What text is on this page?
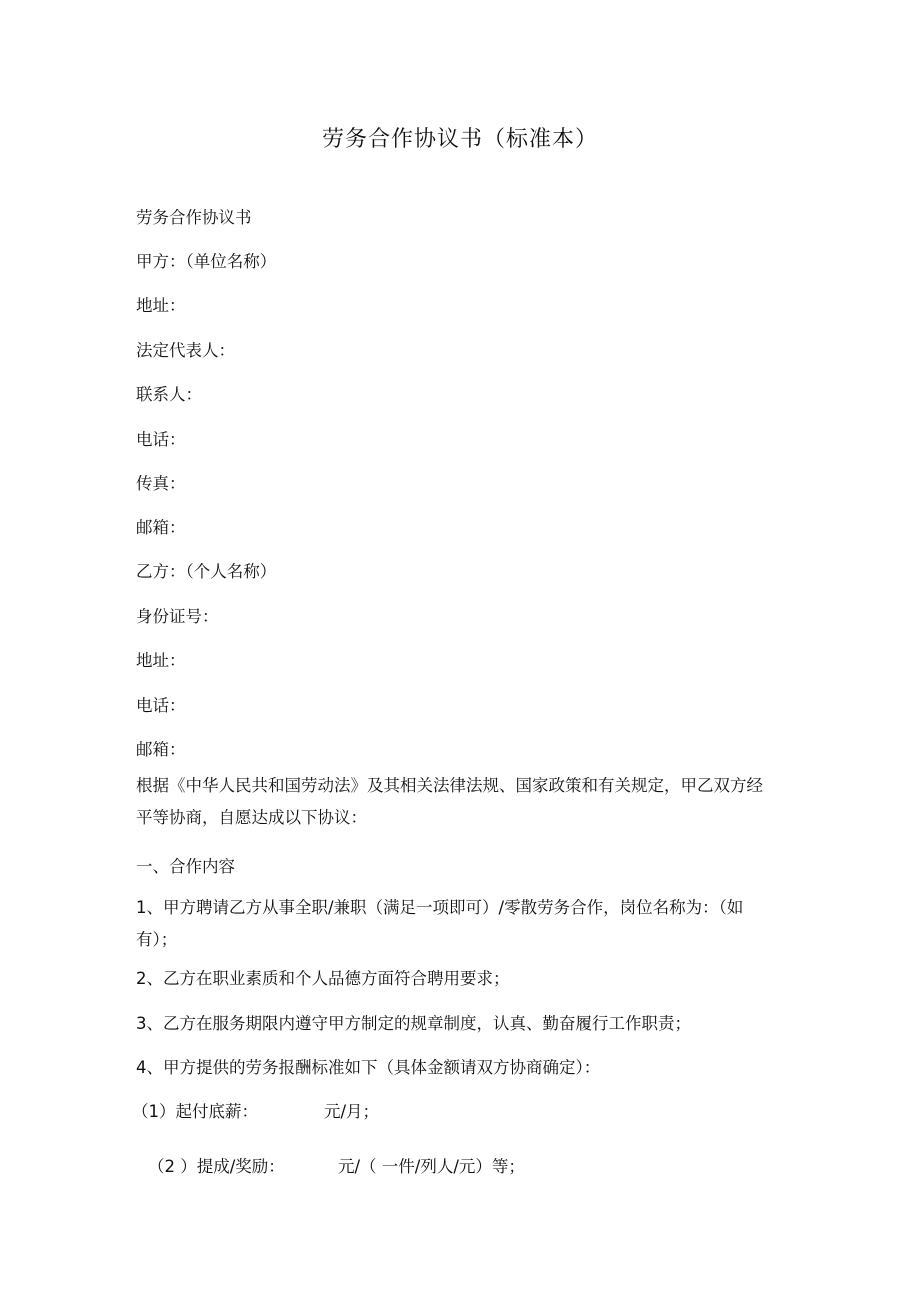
劳务合作协议书（标准本）
劳务合作协议书
甲方：（单位名称）
地址：
法定代表人：
联系人：
电话：
传真：
邮箱：
乙方：（个人名称）
身份证号：
地址：
电话：
邮箱：
根据《中华人民共和国劳动法》及其相关法律法规、国家政策和有关规定，甲乙双方经平等协商，自愿达成以下协议：
一、合作内容
1、甲方聘请乙方从事全职/兼职（满足一项即可）/零散劳务合作，岗位名称为：（如有）；
2、乙方在职业素质和个人品德方面符合聘用要求；
3、乙方在服务期限内遵守甲方制定的规章制度，认真、勤奋履行工作职责；
4、甲方提供的劳务报酬标准如下（具体金额请双方协商确定）：
（1）起付底薪：	元/月；
（2 ）提成/奖励：	元/（ 一件/列人/元）等；
